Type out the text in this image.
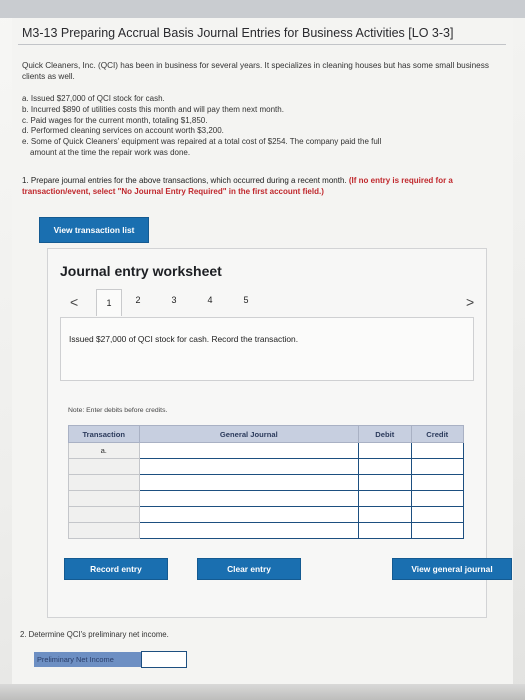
M3-13 Preparing Accrual Basis Journal Entries for Business Activities [LO 3-3]
Quick Cleaners, Inc. (QCI) has been in business for several years. It specializes in cleaning houses but has some small business clients as well.
a. Issued $27,000 of QCI stock for cash.
b. Incurred $890 of utilities costs this month and will pay them next month.
c. Paid wages for the current month, totaling $1,850.
d. Performed cleaning services on account worth $3,200.
e. Some of Quick Cleaners' equipment was repaired at a total cost of $254. The company paid the full
amount at the time the repair work was done.
1. Prepare journal entries for the above transactions, which occurred during a recent month. (If no entry is required for a transaction/event, select "No Journal Entry Required" in the first account field.)
View transaction list
Journal entry worksheet
<	1	2	3	4	5	>
Issued $27,000 of QCI stock for cash. Record the transaction.
Note: Enter debits before credits.
Transaction	General Journal	Debit	Credit
a.			

Record entry	Clear entry	View general journal
2. Determine QCI's preliminary net income.
Preliminary Net Income
